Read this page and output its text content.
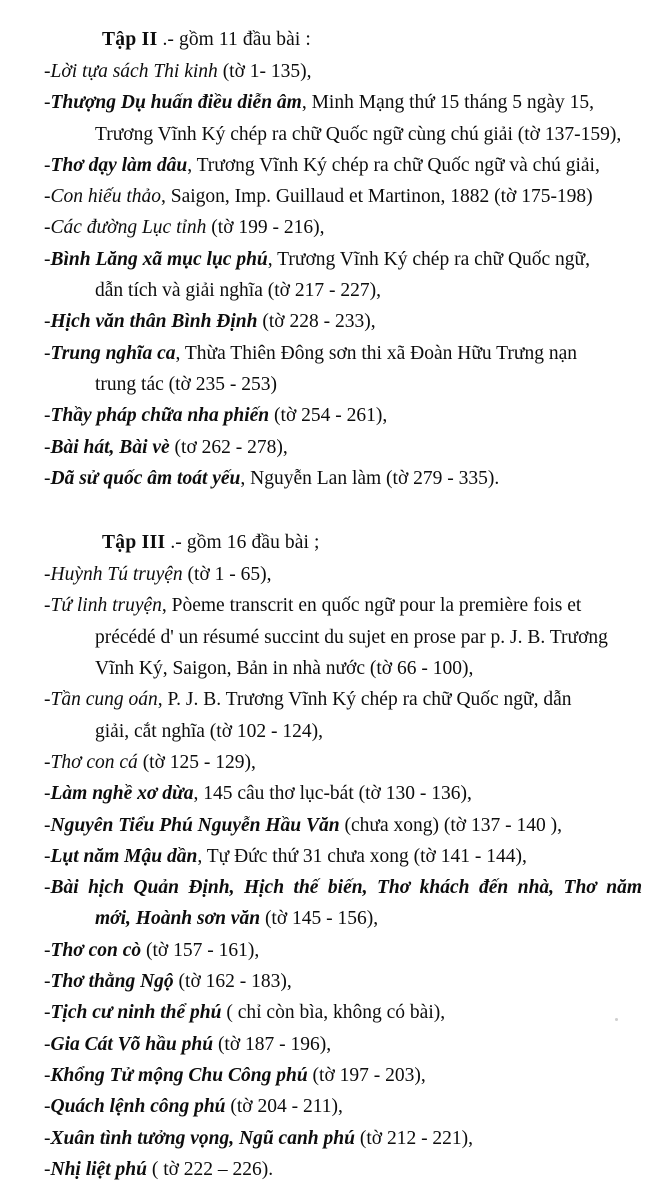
Tập II .- gồm 11 đầu bài :

-Lời tựa sách Thi kinh (tờ 1- 135),

-Thượng Dụ huấn điều diễn âm, Minh Mạng thứ 15 tháng 5 ngày 15,
Trương Vĩnh Ký chép ra chữ Quốc ngữ cùng chú giải (tờ 137-159),

-Thơ dạy làm dâu, Trương Vĩnh Ký chép ra chữ Quốc ngữ và chú giải,

-Con hiếu thảo, Saigon, Imp. Guillaud et Martinon, 1882 (tờ 175-198)

-Các đường Lục tỉnh (tờ 199 - 216),

-Bình Lăng xã mục lục phú, Trương Vĩnh Ký chép ra chữ Quốc ngữ,
dẫn tích và giải nghĩa (tờ 217 - 227),

-Hịch văn thân Bình Định (tờ 228 - 233),

-Trung nghĩa ca, Thừa Thiên Đông sơn thi xã Đoàn Hữu Trưng nạn
trung tác (tờ 235 - 253)

-Thầy pháp chữa nha phiến (tờ 254 - 261),

-Bài hát, Bài vè (tơ 262 - 278),

-Dã sử quốc âm toát yếu, Nguyễn Lan làm (tờ 279 - 335).

Tập III .- gồm 16 đầu bài ;

-Huỳnh Tú truyện (tờ 1 - 65),

-Tứ linh truyện, Pòeme transcrit en quốc ngữ pour la première fois et
précédé d' un résumé succint du sujet en prose par p. J. B. Trương
Vĩnh Ký, Saigon, Bản in nhà nước (tờ 66 - 100),

-Tần cung oán, P. J. B. Trương Vĩnh Ký chép ra chữ Quốc ngữ, dẫn
giải, cắt nghĩa (tờ 102 - 124),

-Thơ con cá (tờ 125 - 129),

-Làm nghề xơ dừa, 145 câu thơ lục-bát (tờ 130 - 136),

-Nguyên Tiểu Phú Nguyễn Hầu Văn (chưa xong) (tờ 137 - 140 ),

-Lụt năm Mậu dần, Tự Đức thứ 31 chưa xong (tờ 141 - 144),

-Bài hịch Quản Định, Hịch thế biến, Thơ khách đến nhà, Thơ năm
mới, Hoành sơn văn (tờ 145 - 156),

-Thơ con cò (tờ 157 - 161),

-Thơ thằng Ngộ (tờ 162 - 183),

-Tịch cư ninh thể phú ( chỉ còn bìa, không có bài),

-Gia Cát Võ hầu phú (tờ 187 - 196),

-Khổng Tử mộng Chu Công phú (tờ 197 - 203),

-Quách lệnh công phú (tờ 204 - 211),

-Xuân tình tưởng vọng, Ngũ canh phú (tờ 212 - 221),

-Nhị liệt phú ( tờ 222 – 226).
